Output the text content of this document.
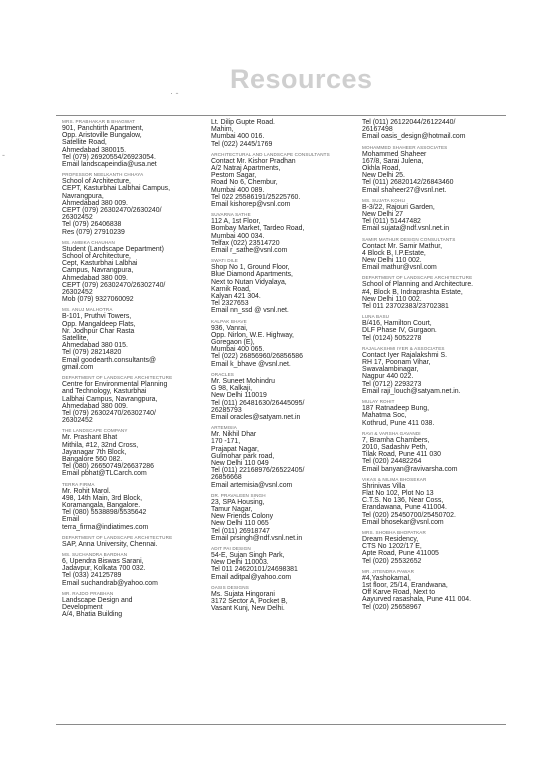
· -
-
Resources
MRS. PRABHAKAR B BHAGWAT
901, Panchtirth Apartment,
Opp. Aristoville Bungalow,
Satellite Road,
Ahmedabad 380015.
Tel (079) 26920554/26923054.
Email landscapeindia@usa.net
PROFESSOR NEELKANTH CHHAYA
School of Architecture,
CEPT, Kasturbhai Lalbhai Campus,
Navrangpura,
Ahmedabad 380 009.
CEPT (079) 26302470/2630240/
26302452
Tel (079) 26406838
Res (079) 27910239
MS. AMBIKA CHAUHAN
Student (Landscape Department)
School of Architecture,
Cept, Kasturbhai Lalbhai
Campus, Navrangpura,
Ahmedabad 380 009.
CEPT (079) 26302470/26302740/
26302452
Mob (079) 9327060092
MS. ANUJ MALHOTRA
B-101, Pruthvi Towers,
Opp. Mangaldeep Flats,
Nr. Jodhpur Char Rasta
Satellite,
Ahmedabad 380 015.
Tel (079) 28214820
Email goodearth.consultants@
gmail.com
DEPARTMENT OF LANDSCAPE ARCHITECTURE
Centre for Environmental Planning
and Technology, Kasturbhai
Lalbhai Campus, Navrangpura,
Ahmedabad 380 009.
Tel (079) 26302470/26302740/
26302452
THE LANDSCAPE COMPANY
Mr. Prashant Bhat
Mithila, #12, 32nd Cross,
Jayanagar 7th Block,
Bangalore 560 082.
Tel (080) 26650749/26637286
Email pbhat@TLCarch.com
TERRA FIRMA
Mr. Rohit Marol.
498, 14th Main, 3rd Block,
Koramangala, Bangalore.
Tel (080) 5538898/5535642
Email
terra_firma@indiatimes.com
DEPARTMENT OF LANDSCAPE ARCHITECTURE
SAP, Anna University, Chennai.
MS. SUCHANDRA BARDHAN
6, Upendra Biswas Sarani,
Jadavpur, Kolkata 700 032.
Tel (033) 24125789
Email suchandrab@yahoo.com
MR. RAJDO PRABHAN
Landscape Design and
Development
A/4, Bhatia Building
Lt. Dilip Gupte Road.
Mahim,
Mumbai 400 016.
Tel (022) 2445/1769
ARCHITECTURAL AND LANDSCAPE CONSULTANTS
Contact Mr. Kishor Pradhan
A/2 Natraj Apartments,
Pestom Sagar,
Road No 6, Chembur,
Mumbai 400 089.
Tel 022 25586191/25225760.
Email kishorep@vsnl.com
SUVARNA SATHE
112 A, 1st Floor,
Bombay Market, Tardeo Road,
Mumbai 400 034.
Telfax (022) 23514720
Email r_sathe@vsnl.com
SWATI DILE
Shop No 1, Ground Floor,
Blue Diamond Apartments,
Next to Nutan Vidyalaya,
Karnik Road,
Kalyan 421 304.
Tel 2327653
Email nn_ssd @ vsnl.net.
KALPAK BHAVE
936, Vanrai,
Opp. Nirlon, W.E. Highway,
Goregaon (E),
Mumbai 400 065.
Tel (022) 26856960/26856586
Email k_bhave @vsnl.net.
ORACLES
Mr. Suneet Mohindru
G 98, Kalkaji,
New Delhi 110019
Tel (011) 26481630/26445095/
26285793
Email oracles@satyam.net.in
ARTEMISIA
Mr. Nikhil Dhar
170 -171,
Prajapat Nagar,
Gulmohar park road,
New Delhi 110 049
Tel (011) 22168976/26522405/
26856668
Email artemisia@vsnl.com
DR. PRAVALEEN SINGH
23, SPA Housing,
Tamur Nagar,
New Friends Colony
New Delhi 110 065
Tel (011) 26918747
Email prsingh@ndf.vsnl.net.in
ADIT PAI DESIGN
54-E, Sujan Singh Park,
New Delhi 110003.
Tel 011 24620101/24698381
Email aditpal@yahoo.com
OASIS DESIGNS
Ms. Sujata Hingorani
3172 Sector A, Pocket B,
Vasant Kunj, New Delhi.
Tel (011) 26122044/26122440/
26167498
Email oasis_design@hotmail.com
MOHAMMED SHAHEER ASSOCIATES
Mohammed Shaheer
167/8, Sarai Julena,
Okhla Road,
New Delhi 25.
Tel (011) 26820142/26843460
Email shaheer27@vsnl.net.
MS. SUJATA KOHLI
B-3/22, Rajouri Garden,
New Delhi 27
Tel (011) 51447482
Email sujata@ndf.vsnl.net.in
SAMIR MATHUR DESIGN CONSULTANTS
Contact Mr. Samir Mathur,
4 Block B, I.P.Estate,
New Delhi 110 002.
Email mathur@vsnl.com
DEPARTMENT OF LANDSCAPE ARCHITECTURE
School of Planning and Architecture.
#4, Block B, Indraprashta Estate,
New Delhi 110 002.
Tel 011 23702383/23702381
LUNA BASU
B/416, Hamilton Court,
DLF Phase IV, Gurgaon.
Tel (0124) 5052278
RAJALAKSHMI IYER & ASSOCIATES
Contact Iyer Rajalakshmi S.
RH 17, Poonam Vihar,
Swavalambinagar,
Nagpur 440 022.
Tel (0712) 2293273
Email raji_louch@satyam.net.in.
MULAY ROHIT
187 Ratnadeep Bung,
Mahatma Soc,
Kothrud, Pune 411 038.
RAVI & VARSHA GAVANDI
7, Bramha Chambers,
2010, Sadashiv Peth,
Tilak Road, Pune 411 030
Tel (020) 24482264
Email banyan@ravivarsha.com
VIKAS & NILIMA BHOSEKAR
Shrinivas Villa
Flat No 102, Plot No 13
C.T.S. No 136, Near Coss,
Erandawana, Pune 411004.
Tel (020) 25450700/25450702.
Email bhosekar@vsnl.com
MRS. SHOBHA BHOPATKAR
Dream Residency,
CTS No 1202/17 E,
Apte Road, Pune 411005
Tel (020) 25532652
MR. JITENDRA PAWAR
#4,Yashokamal,
1st floor, 25/14, Erandwana,
Off Karve Road, Next to
Aayurved rasashala, Pune 411 004.
Tel (020) 25658967
